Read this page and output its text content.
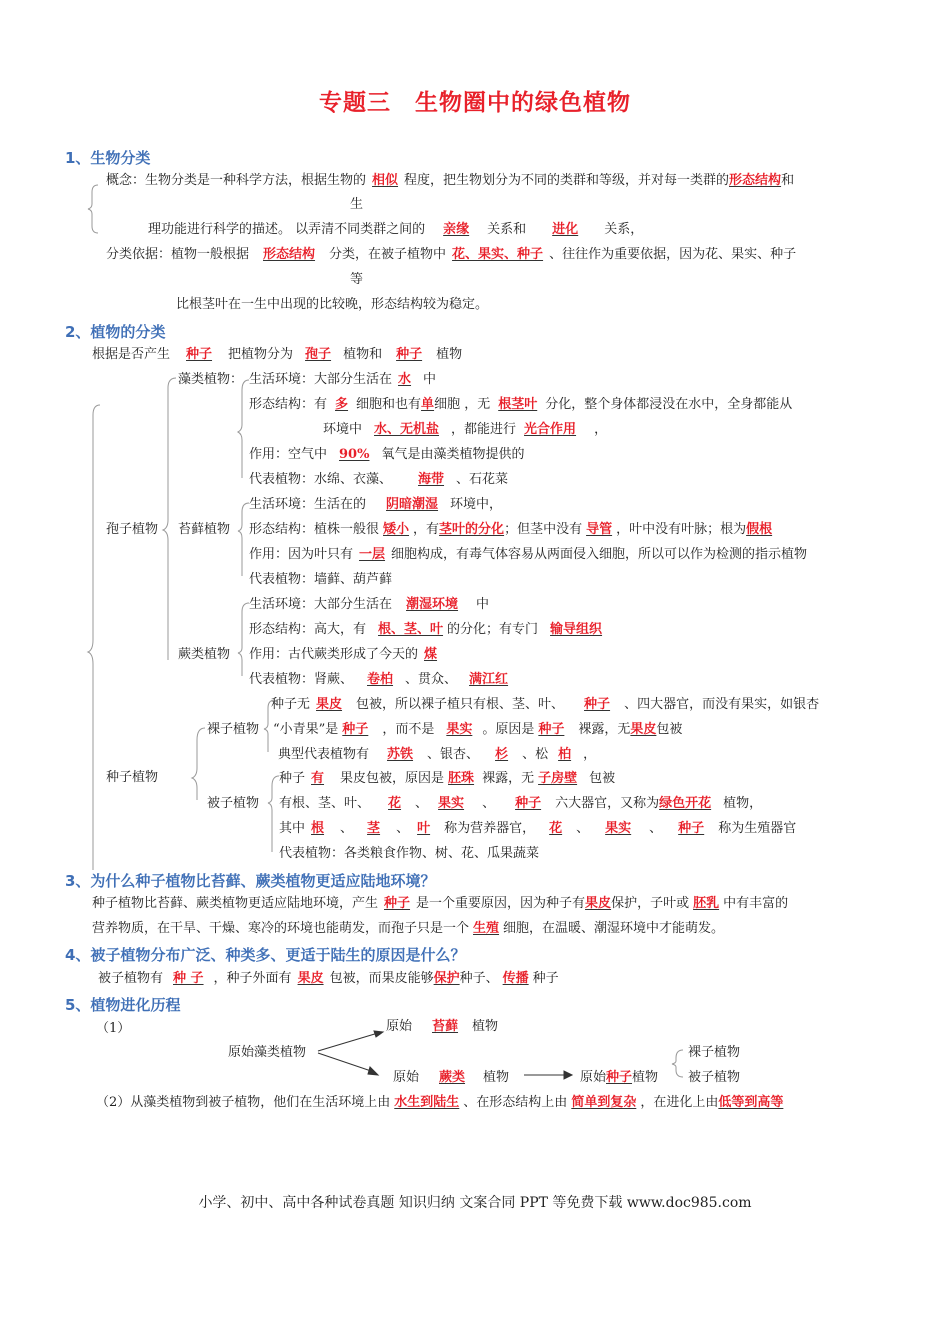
专题三　生物圈中的绿色植物
1、生物分类
概念：生物分类是一种科学方法，根据生物的 相似 程度，把生物划分为不同的类群和等级，并对每一类群的形态结构和
生
理功能进行科学的描述。 以弄清不同类群之间的 亲缘 关系和 进化 关系，
分类依据：植物一般根据 形态结构 分类，在被子植物中 花、果实、种子 、往往作为重要依据，因为花、果实、种子
等
比根茎叶在一生中出现的比较晚，形态结构较为稳定。
2、植物的分类
根据是否产生 种子 把植物分为 孢子 植物和 种子 植物
孢子植物
种子植物
藻类植物： 生活环境：大部分生活在 水 中
形态结构：有 多 细胞和也有单细胞 ，无 根茎叶 分化，整个身体都浸没在水中，全身都能从
环境中 水、无机盐 ，都能进行 光合作用 ，
作用：空气中 90% 氧气是由藻类植物提供的
代表植物：水绵、衣藻、 海带 、石花菜
苔藓植物
生活环境：生活在的 阴暗潮湿 环境中，
形态结构：植株一般很 矮小 ，有茎叶的分化；但茎中没有 导管 ，叶中没有叶脉；根为假根
作用：因为叶只有 一层 细胞构成，有毒气体容易从两面侵入细胞，所以可以作为检测的指示植物
代表植物：墙藓、葫芦藓
蕨类植物
生活环境：大部分生活在 潮湿环境 中
形态结构：高大，有 根、茎、叶 的分化；有专门 输导组织
作用：古代蕨类形成了今天的 煤
代表植物：肾蕨、 卷柏 、贯众、 满江红
裸子植物
种子无 果皮 包被，所以裸子植只有根、茎、叶、 种子 、四大器官，而没有果实，如银杏
“小青果”是 种子 ，而不是 果实 。原因是 种子 裸露，无果皮包被
典型代表植物有 苏铁 、银杏、 杉 、松 柏 ，
被子植物
种子 有 果皮包被，原因是 胚珠 裸露，无 子房壁 包被
有根、茎、叶、 花 、 果实 、 种子 六大器官，又称为绿色开花 植物，
其中 根 、 茎 、 叶 称为营养器官， 花 、 果实 、 种子 称为生殖器官
代表植物：各类粮食作物、树、花、瓜果蔬菜
3、为什么种子植物比苔藓、蕨类植物更适应陆地环境？
种子植物比苔藓、蕨类植物更适应陆地环境，产生 种子 是一个重要原因，因为种子有果皮保护，子叶或 胚乳 中有丰富的
营养物质，在干旱、干燥、寒冷的环境也能萌发，而孢子只是一个 生殖 细胞，在温暖、潮湿环境中才能萌发。
4、被子植物分布广泛、种类多、更适于陆生的原因是什么？
被子植物有 种 子 ，种子外面有 果皮 包被，而果皮能够保护种子、 传播 种子
5、植物进化历程
（1）
原始藻类植物
原始 苔藓 植物
原始 蕨类 植物	原始种子植物
裸子植物
被子植物
（2）从藻类植物到被子植物，他们在生活环境上由 水生到陆生 、在形态结构上由 简单到复杂 ，在进化上由低等到高等
小学、初中、高中各种试卷真题 知识归纳 文案合同 PPT 等免费下载 www.doc985.com
